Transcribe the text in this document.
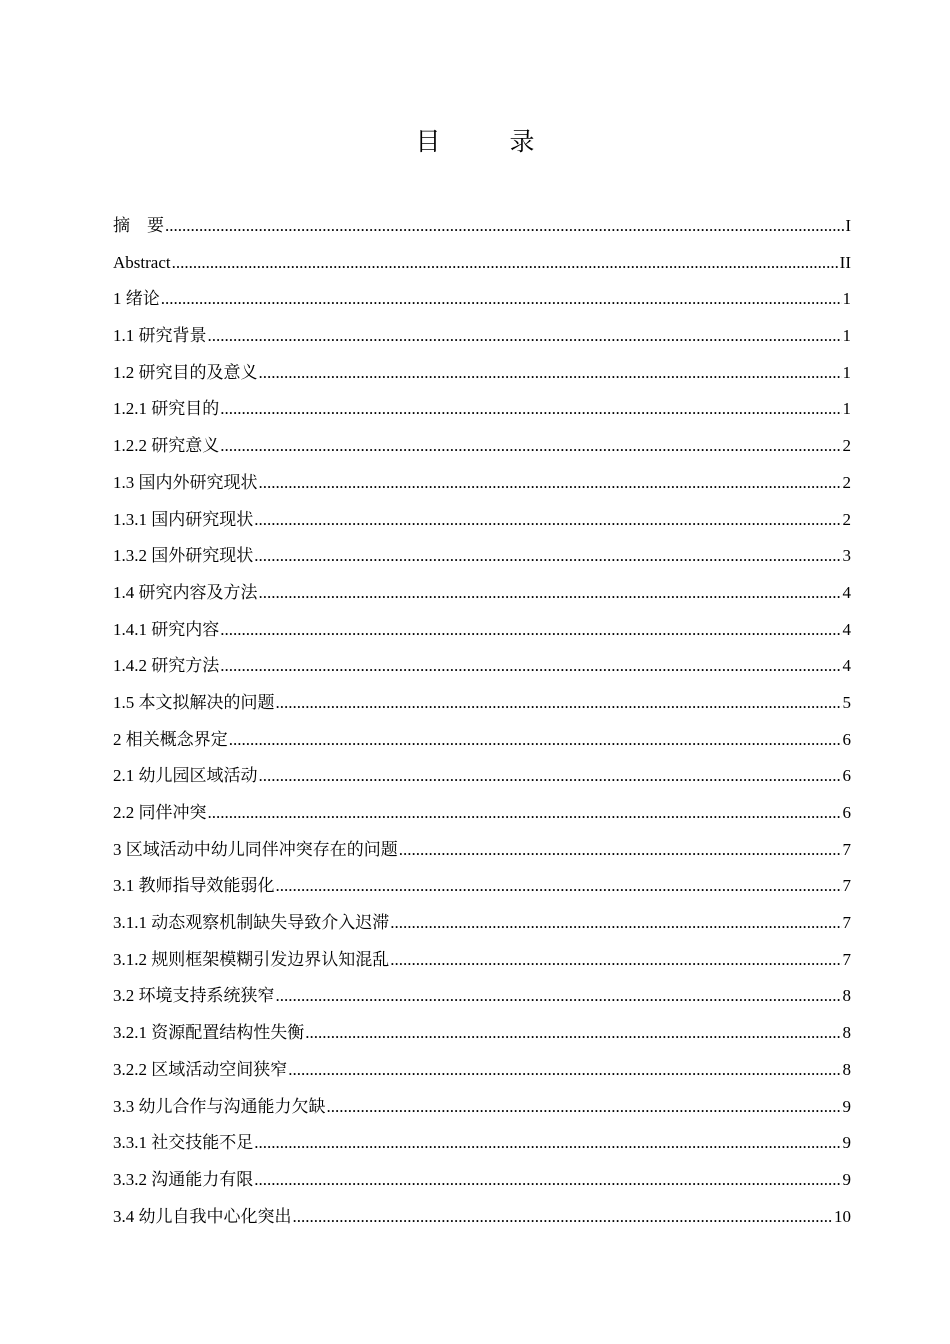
目　录
摘　要 .....	I
Abstract .....	II
1 绪论 .....	1
1.1 研究背景 .....	1
1.2 研究目的及意义 .....	1
1.2.1 研究目的 .....	1
1.2.2 研究意义 .....	2
1.3 国内外研究现状 .....	2
1.3.1 国内研究现状 .....	2
1.3.2 国外研究现状 .....	3
1.4 研究内容及方法 .....	4
1.4.1 研究内容 .....	4
1.4.2 研究方法 .....	4
1.5 本文拟解决的问题 .....	5
2 相关概念界定 .....	6
2.1 幼儿园区域活动 .....	6
2.2 同伴冲突 .....	6
3 区域活动中幼儿同伴冲突存在的问题 .....	7
3.1 教师指导效能弱化 .....	7
3.1.1 动态观察机制缺失导致介入迟滞 .....	7
3.1.2 规则框架模糊引发边界认知混乱 .....	7
3.2 环境支持系统狭窄 .....	8
3.2.1 资源配置结构性失衡 .....	8
3.2.2 区域活动空间狭窄 .....	8
3.3 幼儿合作与沟通能力欠缺 .....	9
3.3.1 社交技能不足 .....	9
3.3.2 沟通能力有限 .....	9
3.4 幼儿自我中心化突出 .....	10
